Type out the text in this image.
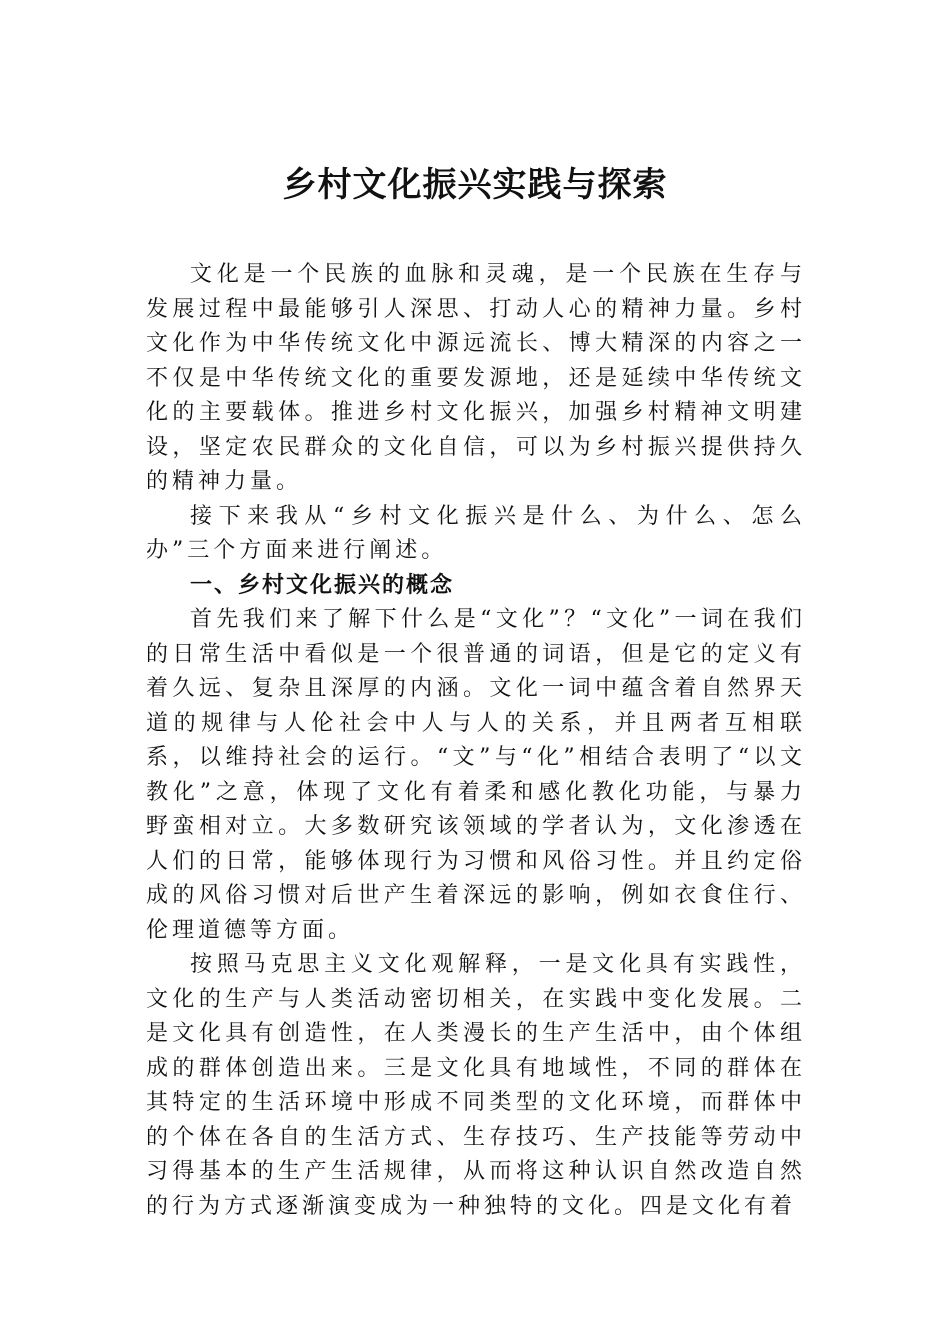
乡村文化振兴实践与探索

文化是一个民族的血脉和灵魂，是一个民族在生存与发展过程中最能够引人深思、打动人心的精神力量。乡村文化作为中华传统文化中源远流长、博大精深的内容之一不仅是中华传统文化的重要发源地，还是延续中华传统文化的主要载体。推进乡村文化振兴，加强乡村精神文明建设，坚定农民群众的文化自信，可以为乡村振兴提供持久的精神力量。

接下来我从“乡村文化振兴是什么、为什么、怎么办”三个方面来进行阐述。

一、乡村文化振兴的概念

首先我们来了解下什么是“文化”？“文化”一词在我们的日常生活中看似是一个很普通的词语，但是它的定义有着久远、复杂且深厚的内涵。文化一词中蕴含着自然界天道的规律与人伦社会中人与人的关系，并且两者互相联系，以维持社会的运行。“文”与“化”相结合表明了“以文教化”之意，体现了文化有着柔和感化教化功能，与暴力野蛮相对立。大多数研究该领域的学者认为，文化渗透在人们的日常，能够体现行为习惯和风俗习性。并且约定俗成的风俗习惯对后世产生着深远的影响，例如衣食住行、伦理道德等方面。

按照马克思主义文化观解释，一是文化具有实践性，文化的生产与人类活动密切相关，在实践中变化发展。二是文化具有创造性，在人类漫长的生产生活中，由个体组成的群体创造出来。三是文化具有地域性，不同的群体在其特定的生活环境中形成不同类型的文化环境，而群体中的个体在各自的生活方式、生存技巧、生产技能等劳动中习得基本的生产生活规律，从而将这种认识自然改造自然的行为方式逐渐演变成为一种独特的文化。四是文化有着
